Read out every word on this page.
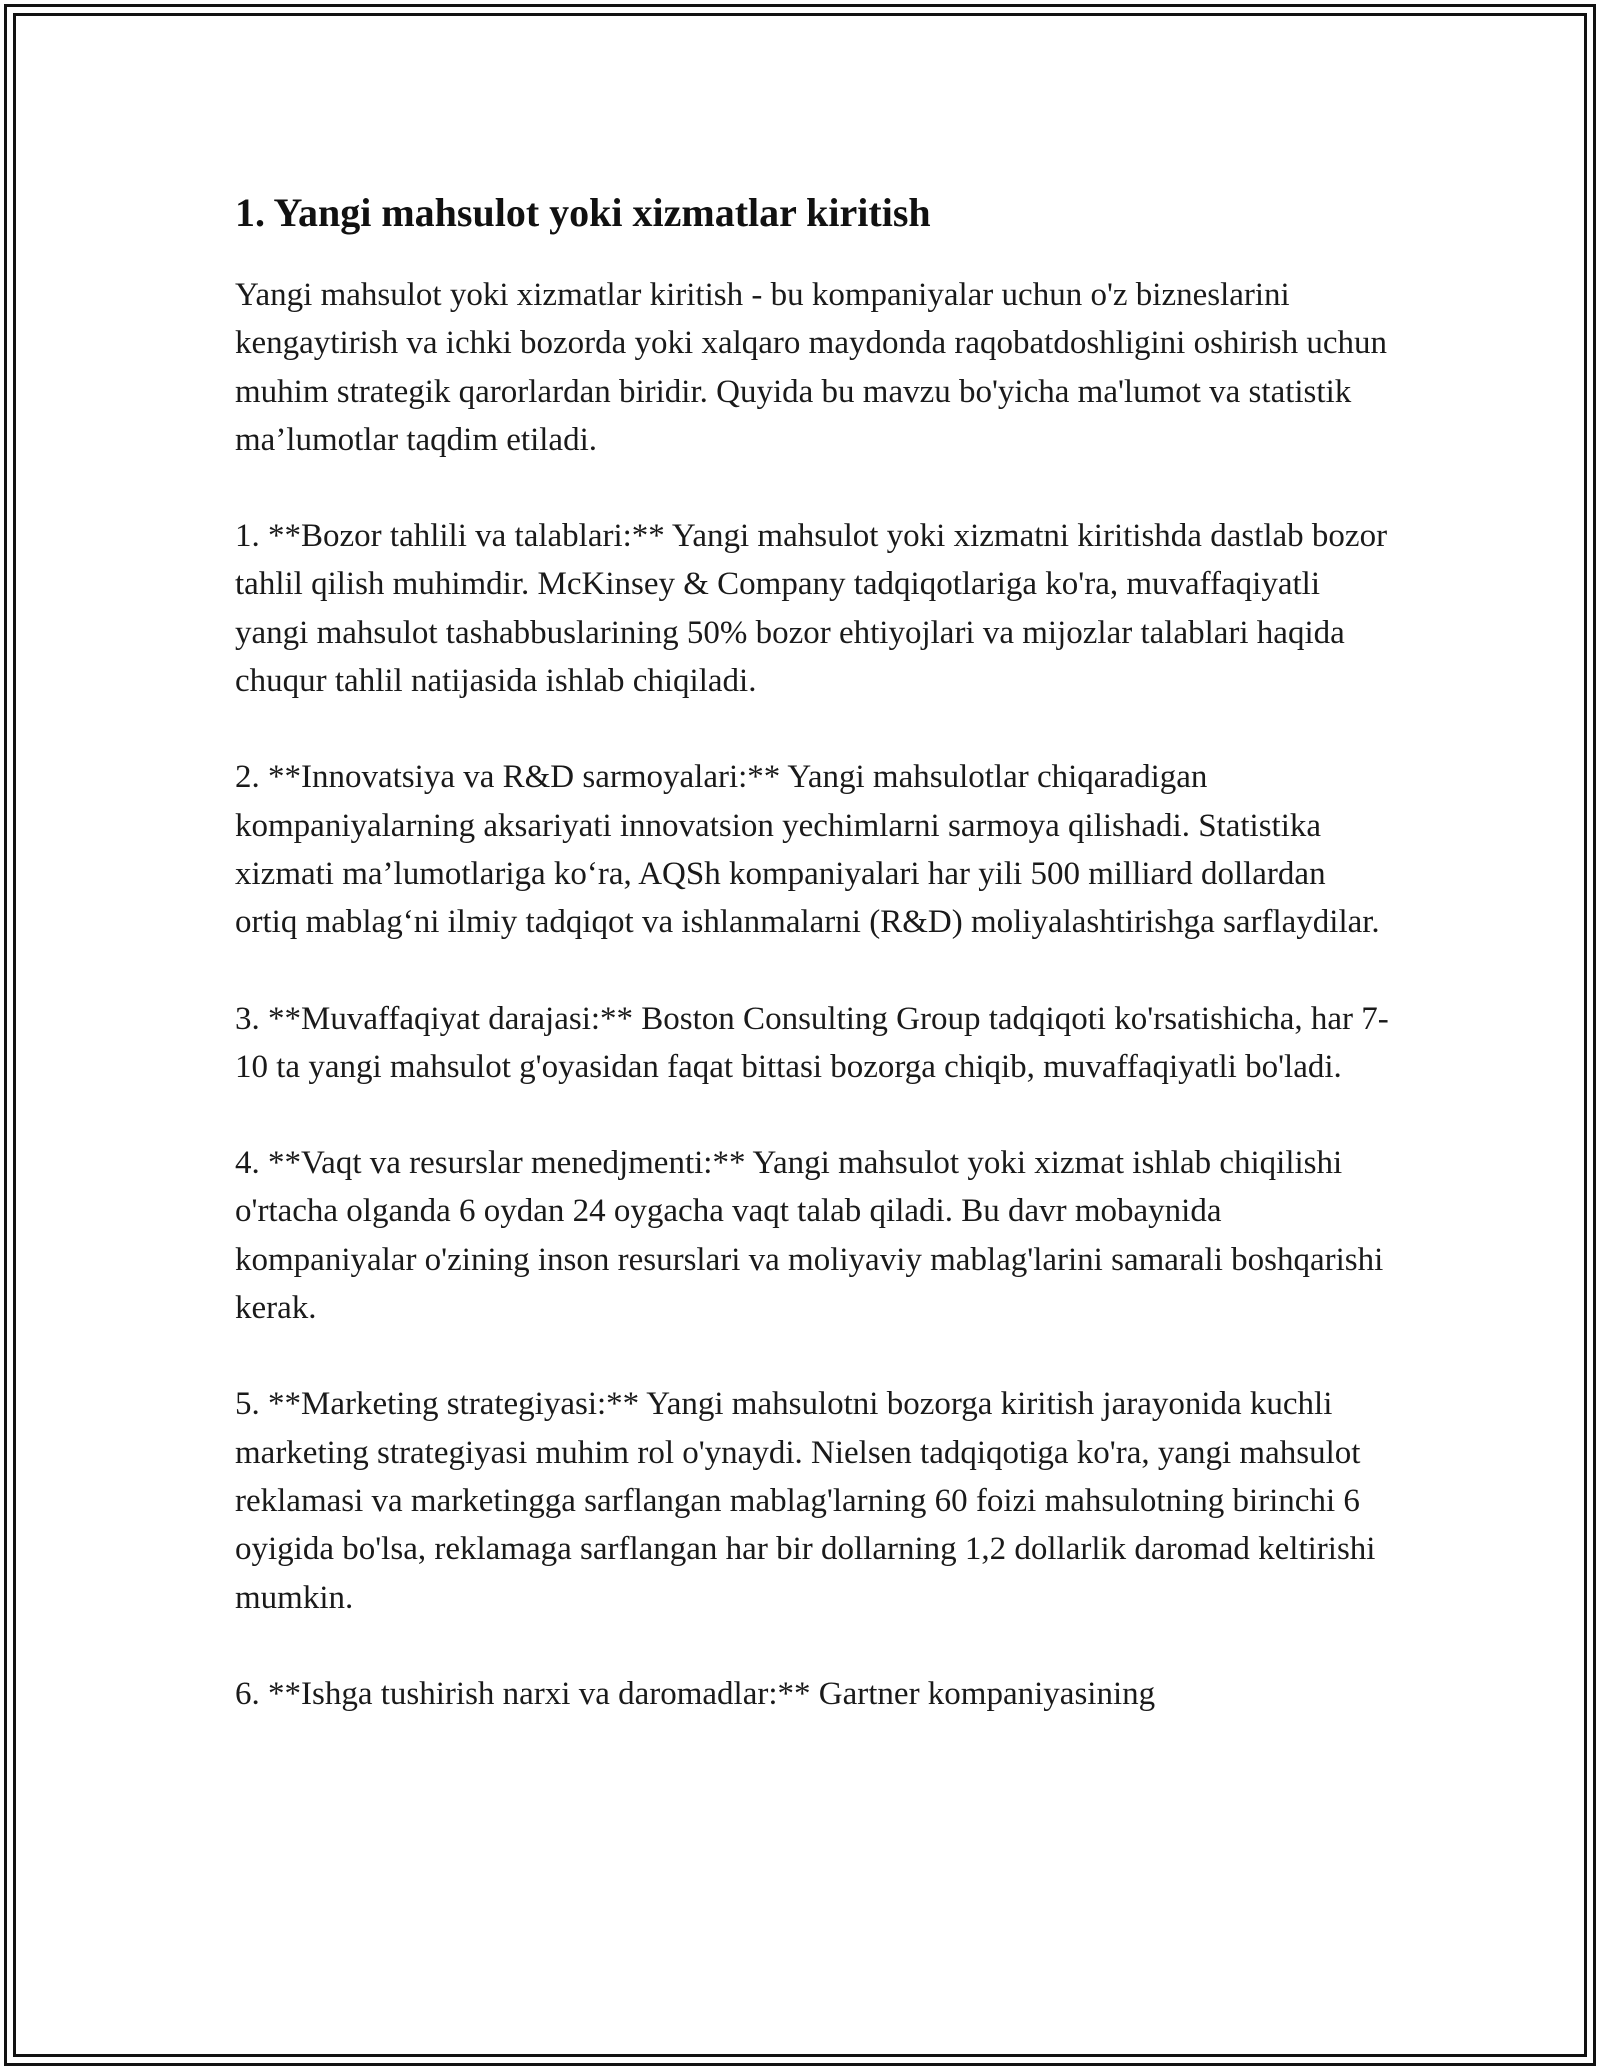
1. Yangi mahsulot yoki xizmatlar kiritish

Yangi mahsulot yoki xizmatlar kiritish - bu kompaniyalar uchun o'z bizneslarini kengaytirish va ichki bozorda yoki xalqaro maydonda raqobatdoshligini oshirish uchun muhim strategik qarorlardan biridir. Quyida bu mavzu bo'yicha ma'lumot va statistik ma’lumotlar taqdim etiladi.

1. **Bozor tahlili va talablari:** Yangi mahsulot yoki xizmatni kiritishda dastlab bozor tahlil qilish muhimdir. McKinsey & Company tadqiqotlariga ko'ra, muvaffaqiyatli yangi mahsulot tashabbuslarining 50% bozor ehtiyojlari va mijozlar talablari haqida chuqur tahlil natijasida ishlab chiqiladi.

2. **Innovatsiya va R&D sarmoyalari:** Yangi mahsulotlar chiqaradigan kompaniyalarning aksariyati innovatsion yechimlarni sarmoya qilishadi. Statistika xizmati ma’lumotlariga ko‘ra, AQSh kompaniyalari har yili 500 milliard dollardan ortiq mablag‘ni ilmiy tadqiqot va ishlanmalarni (R&D) moliyalashtirishga sarflaydilar.

3. **Muvaffaqiyat darajasi:** Boston Consulting Group tadqiqoti ko'rsatishicha, har 7-10 ta yangi mahsulot g'oyasidan faqat bittasi bozorga chiqib, muvaffaqiyatli bo'ladi.

4. **Vaqt va resurslar menedjmenti:** Yangi mahsulot yoki xizmat ishlab chiqilishi o'rtacha olganda 6 oydan 24 oygacha vaqt talab qiladi. Bu davr mobaynida kompaniyalar o'zining inson resurslari va moliyaviy mablag'larini samarali boshqarishi kerak.

5. **Marketing strategiyasi:** Yangi mahsulotni bozorga kiritish jarayonida kuchli marketing strategiyasi muhim rol o'ynaydi. Nielsen tadqiqotiga ko'ra, yangi mahsulot reklamasi va marketingga sarflangan mablag'larning 60 foizi mahsulotning birinchi 6 oyigida bo'lsa, reklamaga sarflangan har bir dollarning 1,2 dollarlik daromad keltirishi mumkin.

6. **Ishga tushirish narxi va daromadlar:** Gartner kompaniyasining
